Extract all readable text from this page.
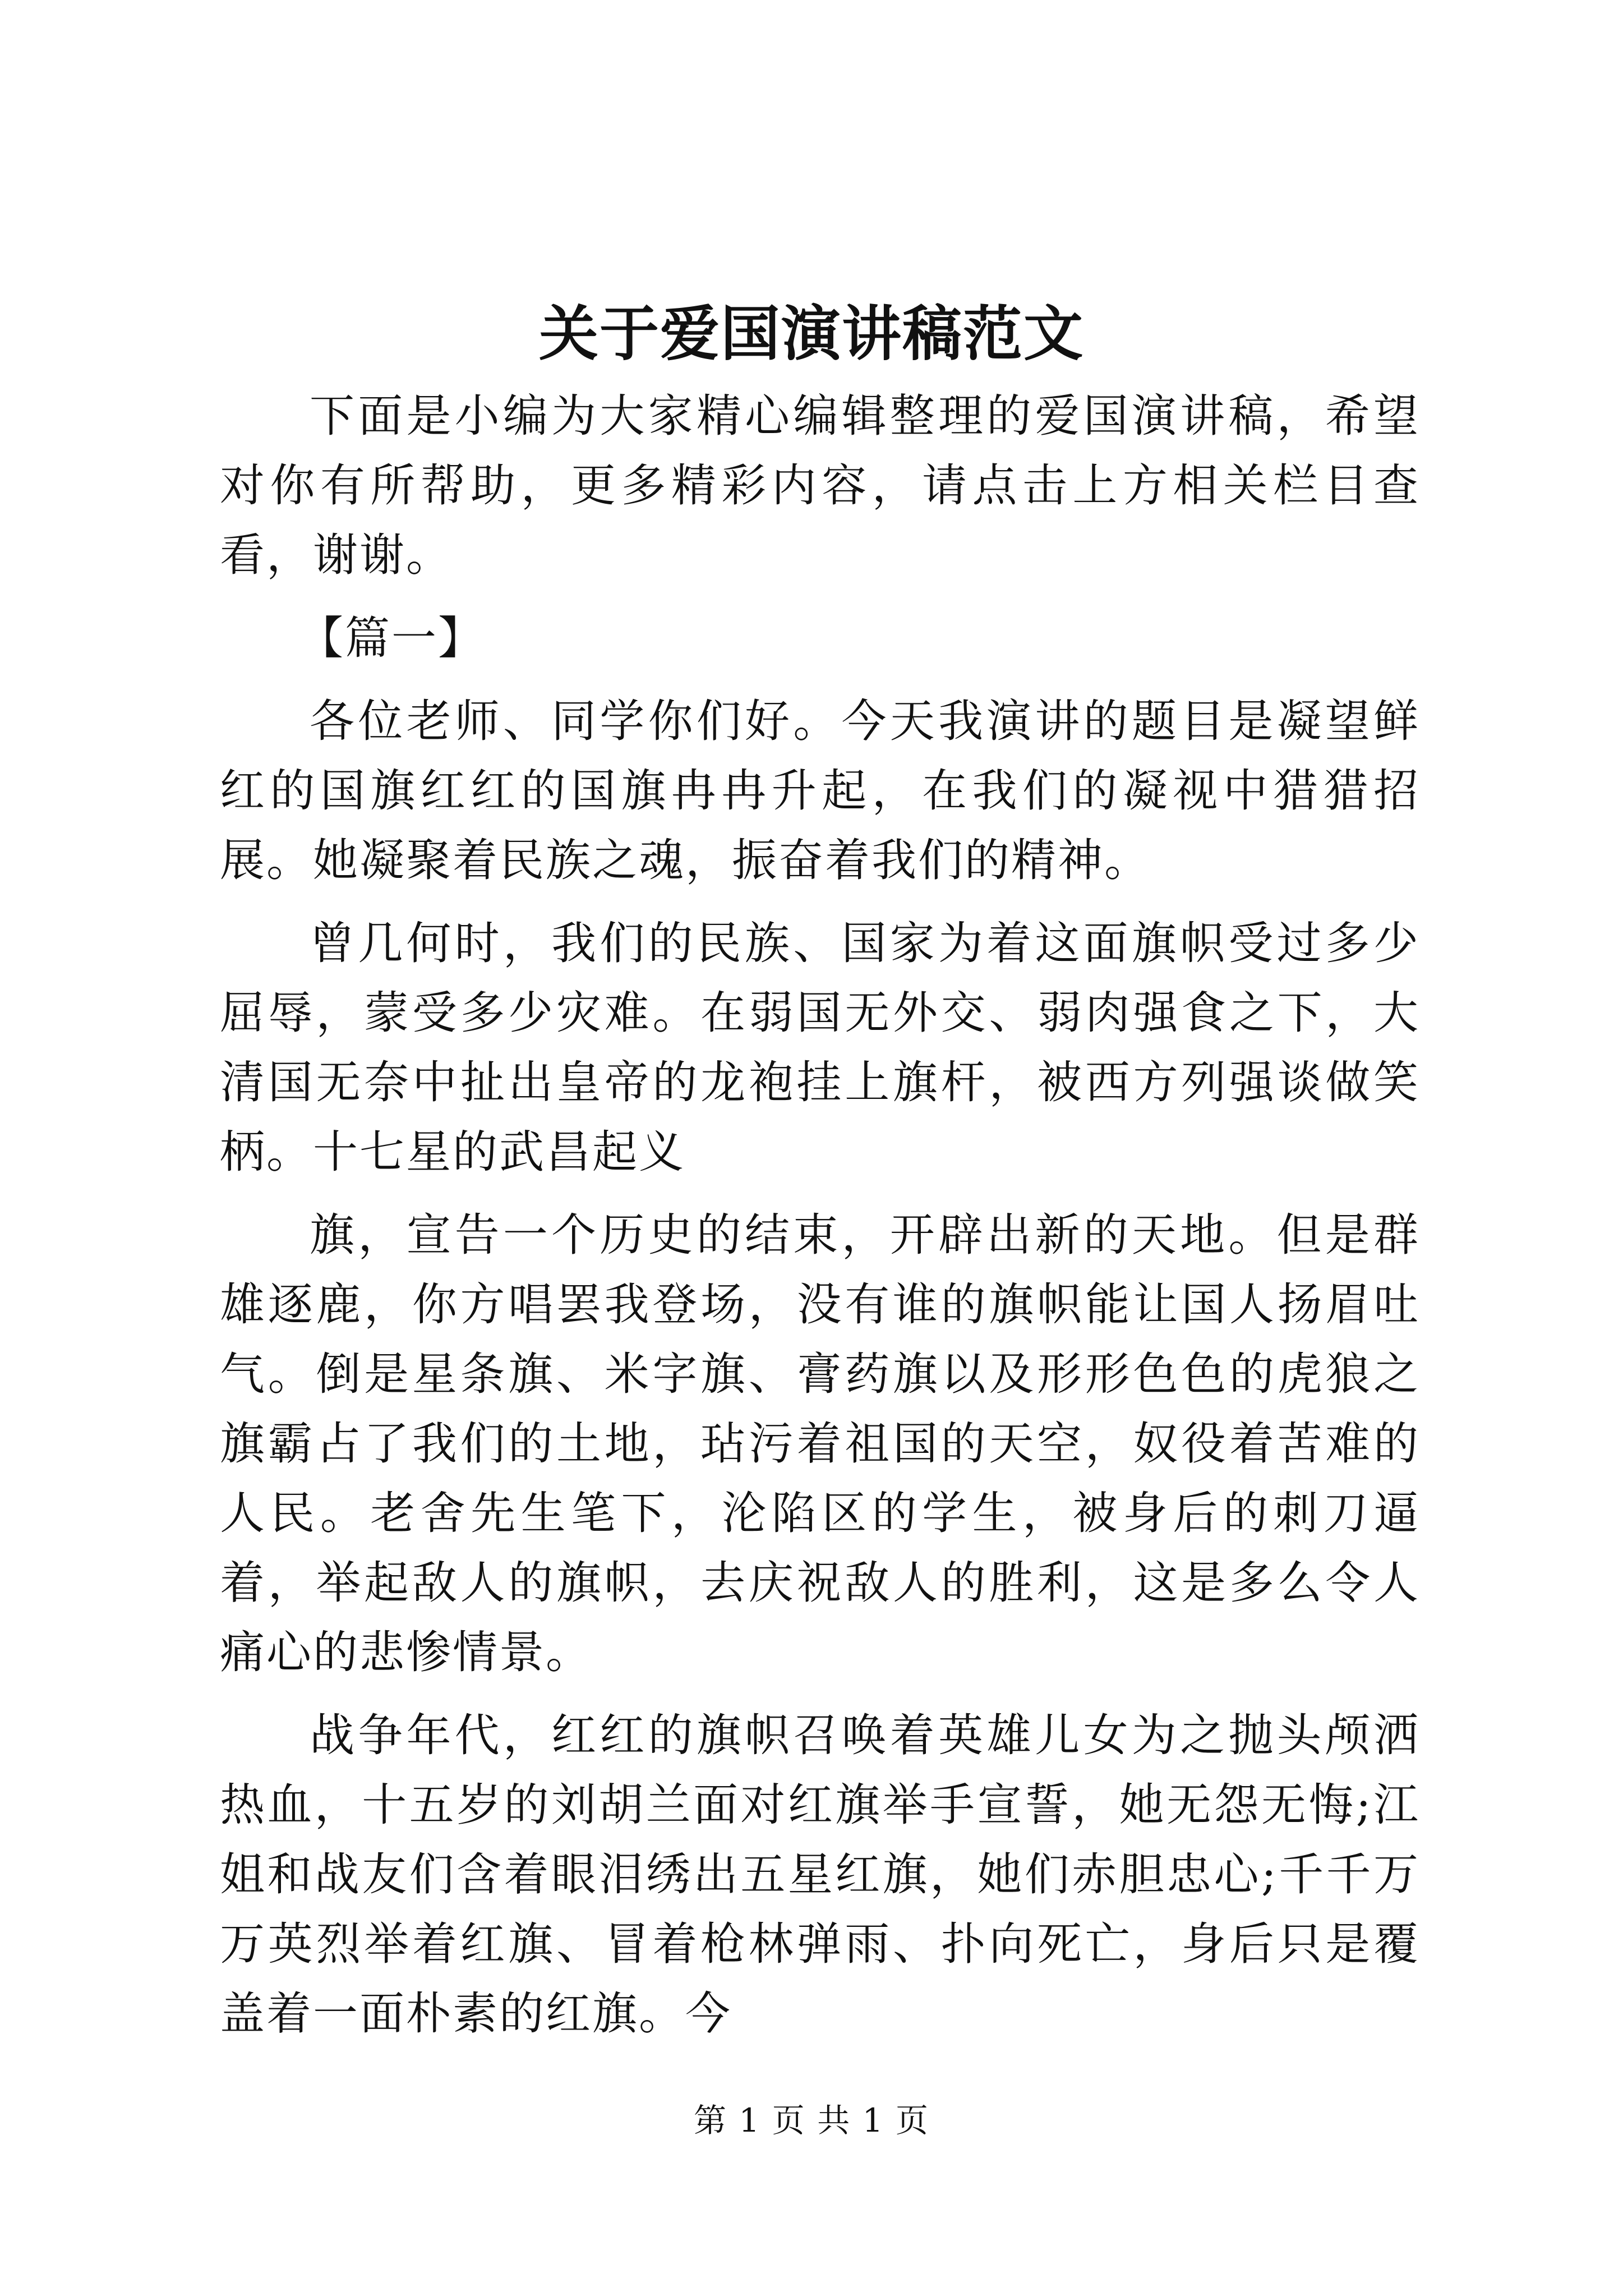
关于爱国演讲稿范文

下面是小编为大家精心编辑整理的爱国演讲稿，希望对你有所帮助，更多精彩内容，请点击上方相关栏目查看，谢谢。

【篇一】

各位老师、同学你们好。今天我演讲的题目是凝望鲜红的国旗红红的国旗冉冉升起，在我们的凝视中猎猎招展。她凝聚着民族之魂，振奋着我们的精神。

曾几何时，我们的民族、国家为着这面旗帜受过多少屈辱，蒙受多少灾难。在弱国无外交、弱肉强食之下，大清国无奈中扯出皇帝的龙袍挂上旗杆，被西方列强谈做笑柄。十七星的武昌起义

旗，宣告一个历史的结束，开辟出新的天地。但是群雄逐鹿，你方唱罢我登场，没有谁的旗帜能让国人扬眉吐气。倒是星条旗、米字旗、膏药旗以及形形色色的虎狼之旗霸占了我们的土地，玷污着祖国的天空，奴役着苦难的人民。老舍先生笔下，沦陷区的学生，被身后的刺刀逼着，举起敌人的旗帜，去庆祝敌人的胜利，这是多么令人痛心的悲惨情景。

战争年代，红红的旗帜召唤着英雄儿女为之抛头颅洒热血，十五岁的刘胡兰面对红旗举手宣誓，她无怨无悔;江姐和战友们含着眼泪绣出五星红旗，她们赤胆忠心;千千万万英烈举着红旗、冒着枪林弹雨、扑向死亡，身后只是覆盖着一面朴素的红旗。今

第 1 页 共 1 页
